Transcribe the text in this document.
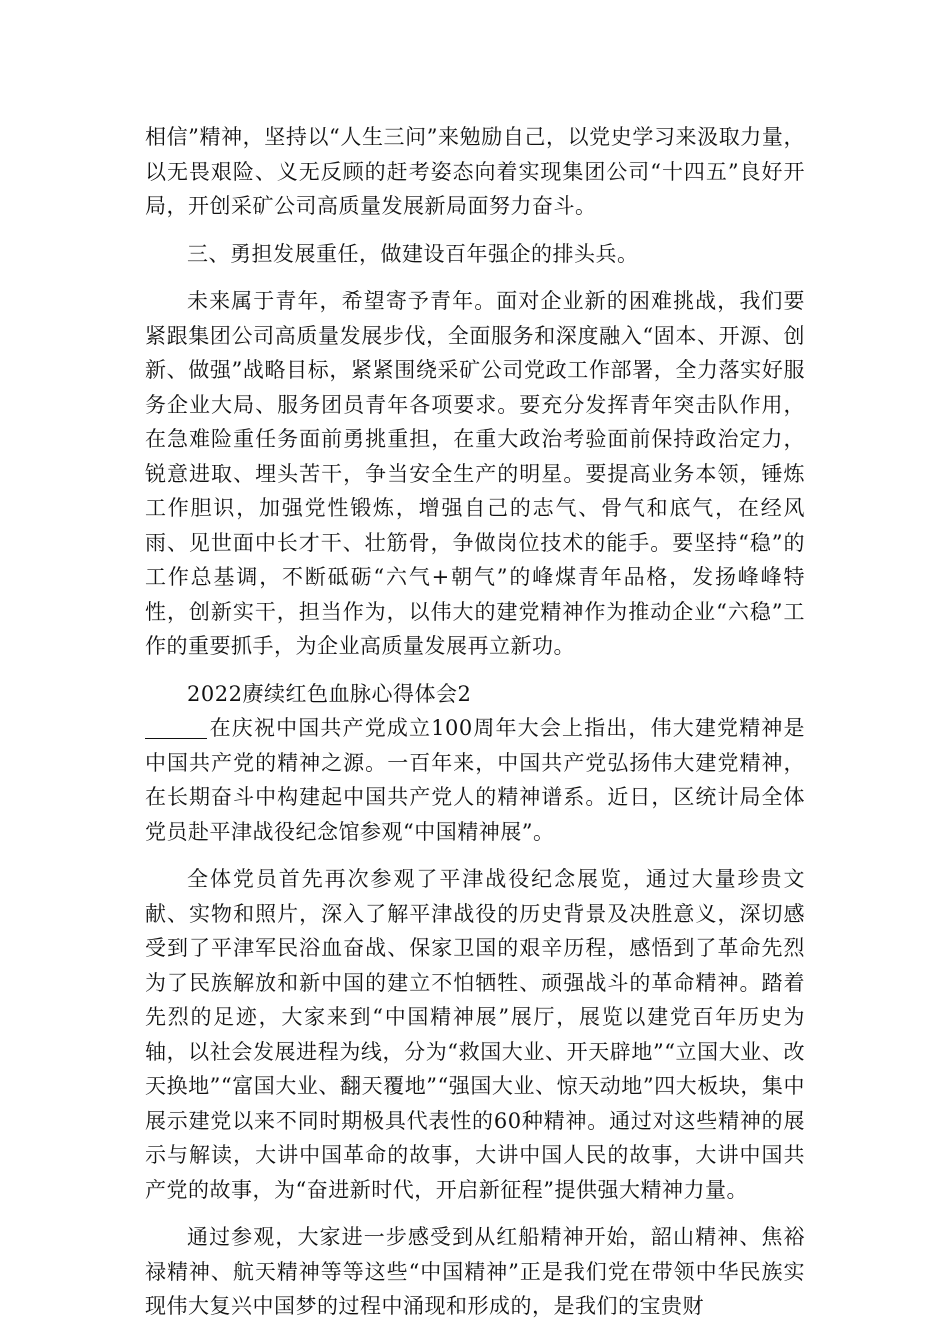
相信”精神，坚持以“人生三问”来勉励自己，以党史学习来汲取力量，以无畏艰险、义无反顾的赶考姿态向着实现集团公司“十四五”良好开局，开创采矿公司高质量发展新局面努力奋斗。

三、勇担发展重任，做建设百年强企的排头兵。

未来属于青年，希望寄予青年。面对企业新的困难挑战，我们要紧跟集团公司高质量发展步伐，全面服务和深度融入“固本、开源、创新、做强”战略目标，紧紧围绕采矿公司党政工作部署，全力落实好服务企业大局、服务团员青年各项要求。要充分发挥青年突击队作用，在急难险重任务面前勇挑重担，在重大政治考验面前保持政治定力，锐意进取、埋头苦干，争当安全生产的明星。要提高业务本领，锤炼工作胆识，加强党性锻炼，增强自己的志气、骨气和底气，在经风雨、见世面中长才干、壮筋骨，争做岗位技术的能手。要坚持“稳”的工作总基调，不断砥砺“六气+朝气”的峰煤青年品格，发扬峰峰特性，创新实干，担当作为，以伟大的建党精神作为推动企业“六稳”工作的重要抓手，为企业高质量发展再立新功。

2022赓续红色血脉心得体会2

在庆祝中国共产党成立100周年大会上指出，伟大建党精神是中国共产党的精神之源。一百年来，中国共产党弘扬伟大建党精神，在长期奋斗中构建起中国共产党人的精神谱系。近日，区统计局全体党员赴平津战役纪念馆参观“中国精神展”。

全体党员首先再次参观了平津战役纪念展览，通过大量珍贵文献、实物和照片，深入了解平津战役的历史背景及决胜意义，深切感受到了平津军民浴血奋战、保家卫国的艰辛历程，感悟到了革命先烈为了民族解放和新中国的建立不怕牺牲、顽强战斗的革命精神。踏着先烈的足迹，大家来到“中国精神展”展厅，展览以建党百年历史为轴，以社会发展进程为线，分为“救国大业、开天辟地”“立国大业、改天换地”“富国大业、翻天覆地”“强国大业、惊天动地”四大板块，集中展示建党以来不同时期极具代表性的60种精神。通过对这些精神的展示与解读，大讲中国革命的故事，大讲中国人民的故事，大讲中国共产党的故事，为“奋进新时代，开启新征程”提供强大精神力量。

通过参观，大家进一步感受到从红船精神开始，韶山精神、焦裕禄精神、航天精神等等这些“中国精神”正是我们党在带领中华民族实现伟大复兴中国梦的过程中涌现和形成的，是我们的宝贵财
